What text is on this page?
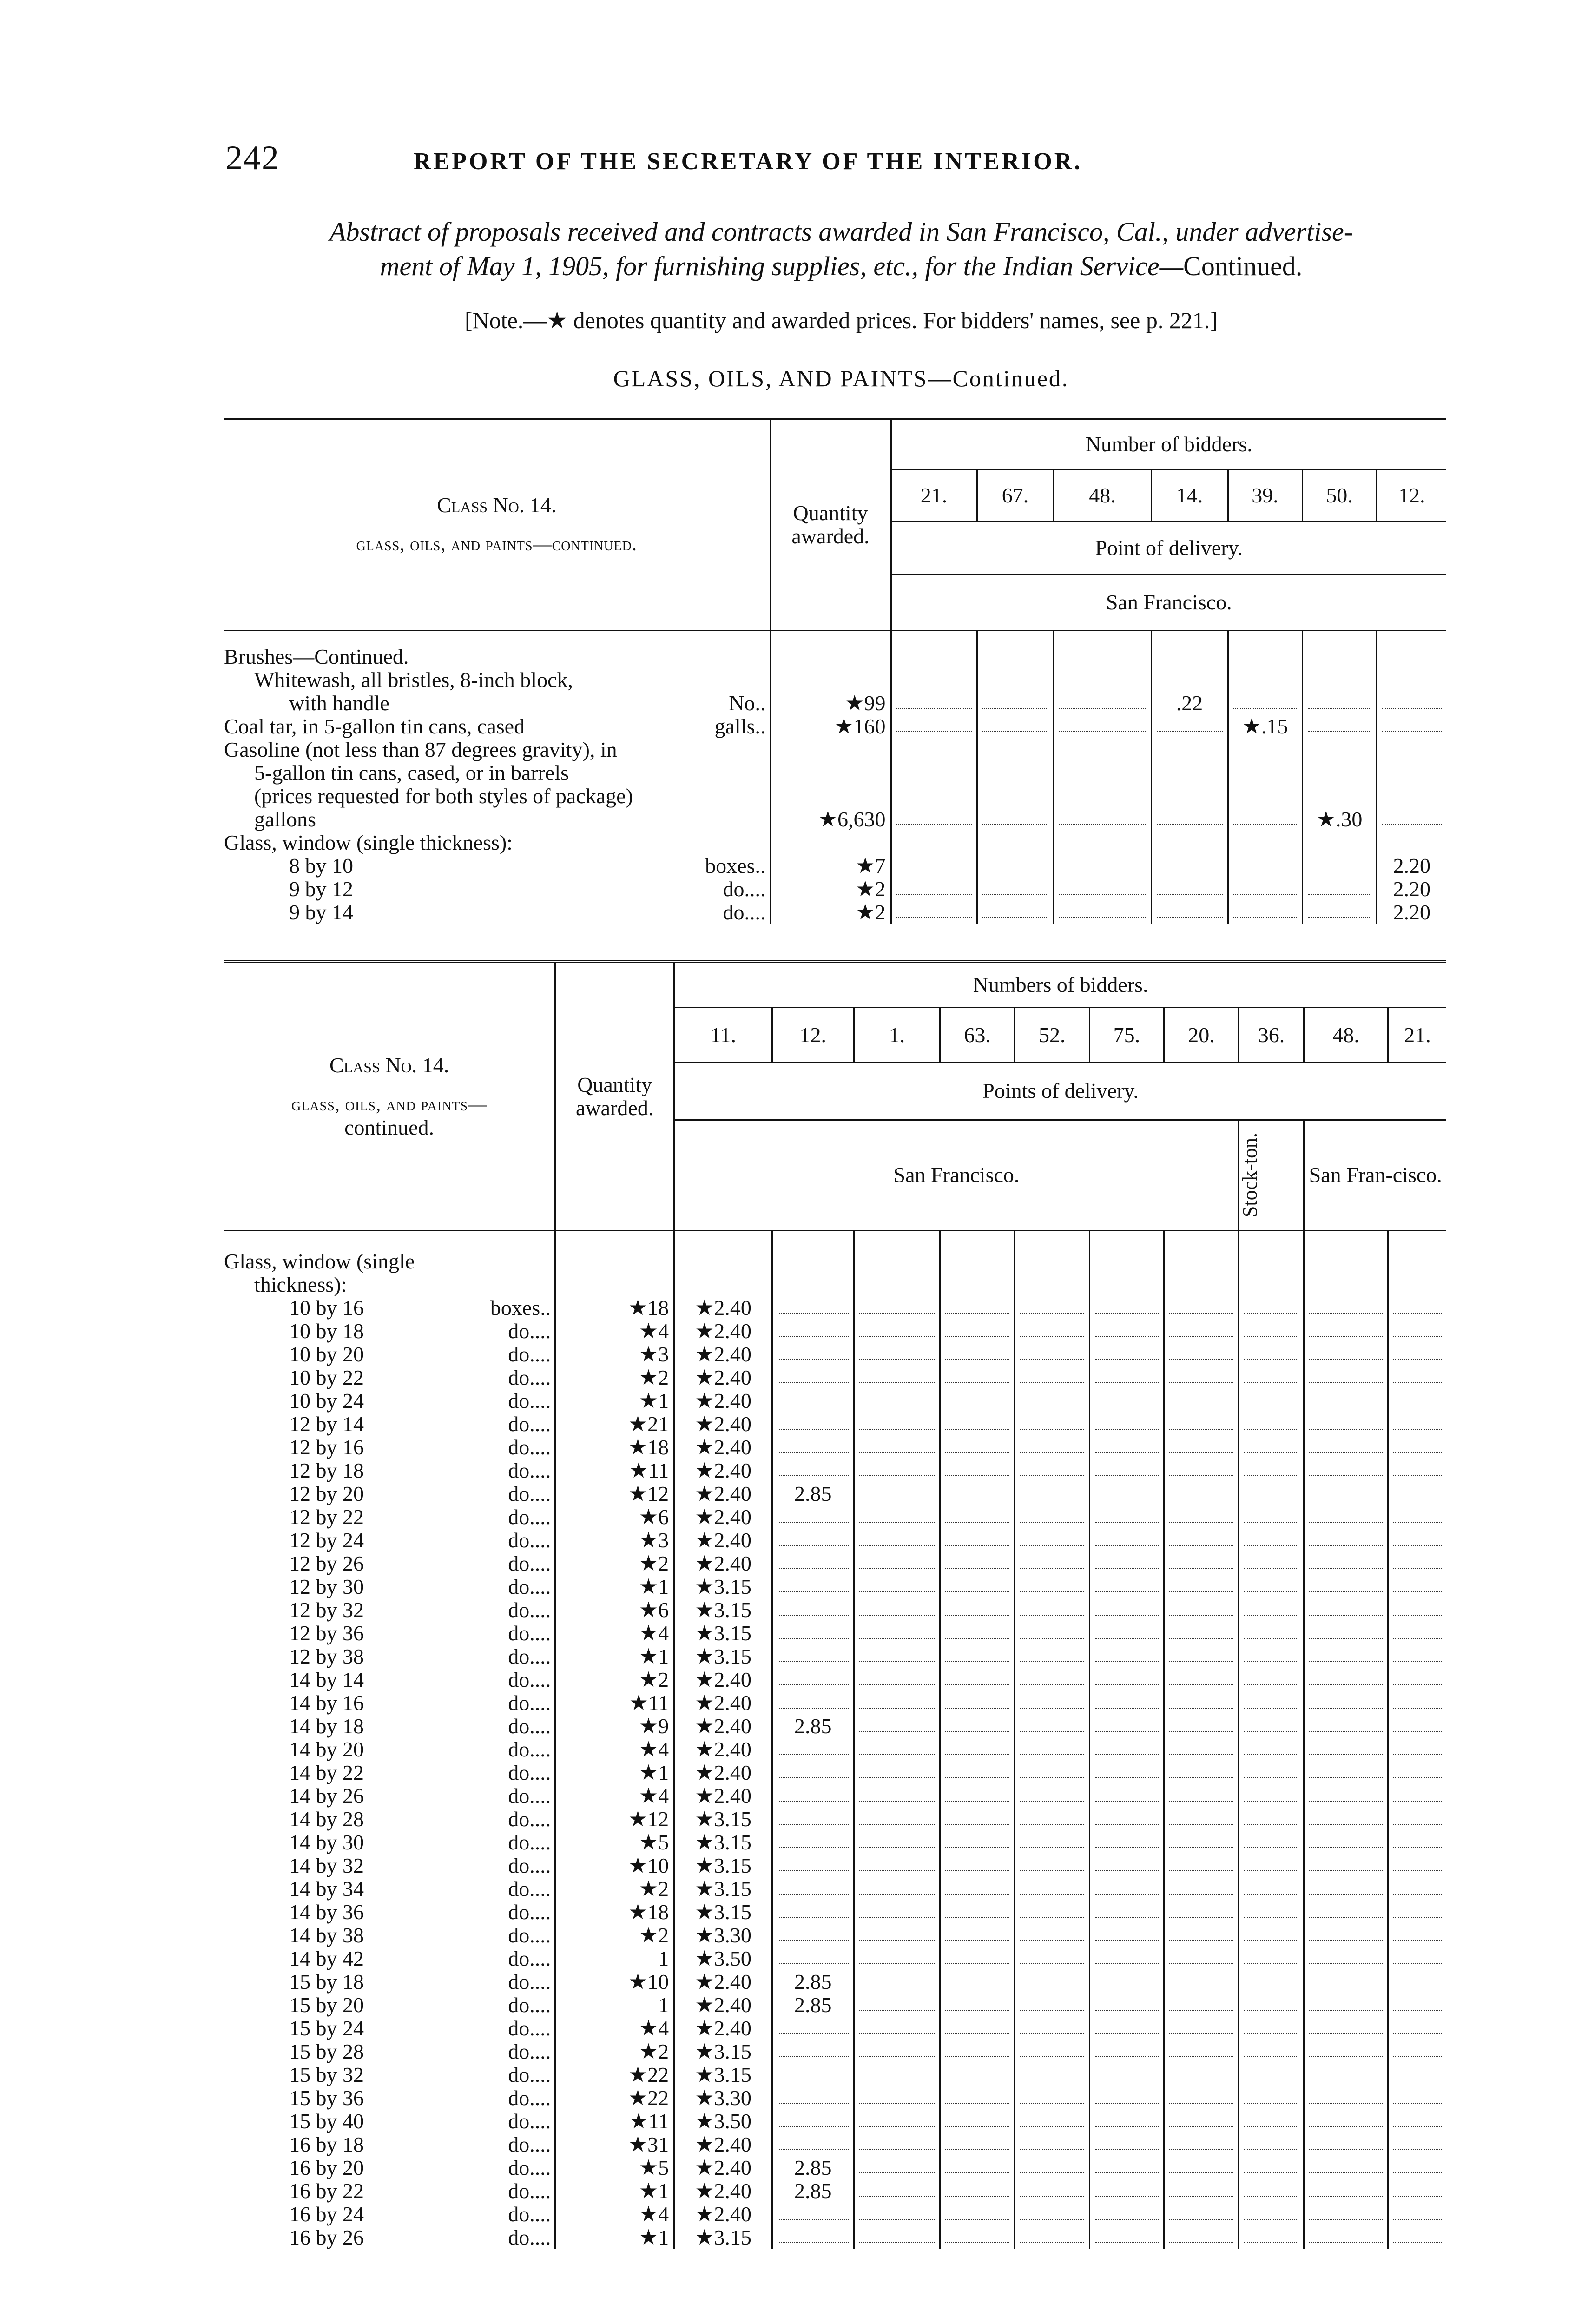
242	REPORT OF THE SECRETARY OF THE INTERIOR.
Abstract of proposals received and contracts awarded in San Francisco, Cal., under advertise-
ment of May 1, 1905, for furnishing supplies, etc., for the Indian Service—Continued.
[Note.—★ denotes quantity and awarded prices. For bidders' names, see p. 221.]
GLASS, OILS, AND PAINTS—Continued.
Class No. 14.
glass, oils, and paints—continued.	Quantity awarded.	Number of bidders.						
		21.	67.	48.	14.	39.	50.	12.
		Point of delivery.						
		San Francisco.						
Brushes—Continued.								
Whitewash, all bristles, 8-inch block,								
with handle No..	★99				.22	

Coal tar, in 5-gallon tin cans, cased galls..	★160					★.15	

Gasoline (not less than 87 degrees gravity), in								
5-gallon tin cans, cased, or in barrels								
(prices requested for both styles of package)								
gallons	★6,630						★.30	

Glass, window (single thickness):								
8 by 10 boxes..	★7							2.20
9 by 12 do....	★2							2.20
9 by 14 do....	★2							2.20
Class No. 14.
glass, oils, and paints—
continued.	Quantity awarded.	Numbers of bidders.									
		11.	12.	1.	63.	52.	75.	20.	36.	48.	21.
		Points of delivery.									
		San Francisco.							Stock-ton.	San Fran-cisco.	
Glass, window (single											
thickness):											
10 by 16 boxes..	★18	★2.40	

10 by 18 do....	★4	★2.40	

10 by 20 do....	★3	★2.40	

10 by 22 do....	★2	★2.40	

10 by 24 do....	★1	★2.40	

12 by 14 do....	★21	★2.40	

12 by 16 do....	★18	★2.40	

12 by 18 do....	★11	★2.40	

12 by 20 do....	★12	★2.40	2.85	

12 by 22 do....	★6	★2.40	

12 by 24 do....	★3	★2.40	

12 by 26 do....	★2	★2.40	

12 by 30 do....	★1	★3.15	

12 by 32 do....	★6	★3.15	

12 by 36 do....	★4	★3.15	

12 by 38 do....	★1	★3.15	

14 by 14 do....	★2	★2.40	

14 by 16 do....	★11	★2.40	

14 by 18 do....	★9	★2.40	2.85	

14 by 20 do....	★4	★2.40	

14 by 22 do....	★1	★2.40	

14 by 26 do....	★4	★2.40	

14 by 28 do....	★12	★3.15	

14 by 30 do....	★5	★3.15	

14 by 32 do....	★10	★3.15	

14 by 34 do....	★2	★3.15	

14 by 36 do....	★18	★3.15	

14 by 38 do....	★2	★3.30	

14 by 42 do....	1	★3.50	

15 by 18 do....	★10	★2.40	2.85	

15 by 20 do....	1	★2.40	2.85	

15 by 24 do....	★4	★2.40	

15 by 28 do....	★2	★3.15	

15 by 32 do....	★22	★3.15	

15 by 36 do....	★22	★3.30	

15 by 40 do....	★11	★3.50	

16 by 18 do....	★31	★2.40	

16 by 20 do....	★5	★2.40	2.85	

16 by 22 do....	★1	★2.40	2.85	

16 by 24 do....	★4	★2.40	

16 by 26 do....	★1	★3.15	
